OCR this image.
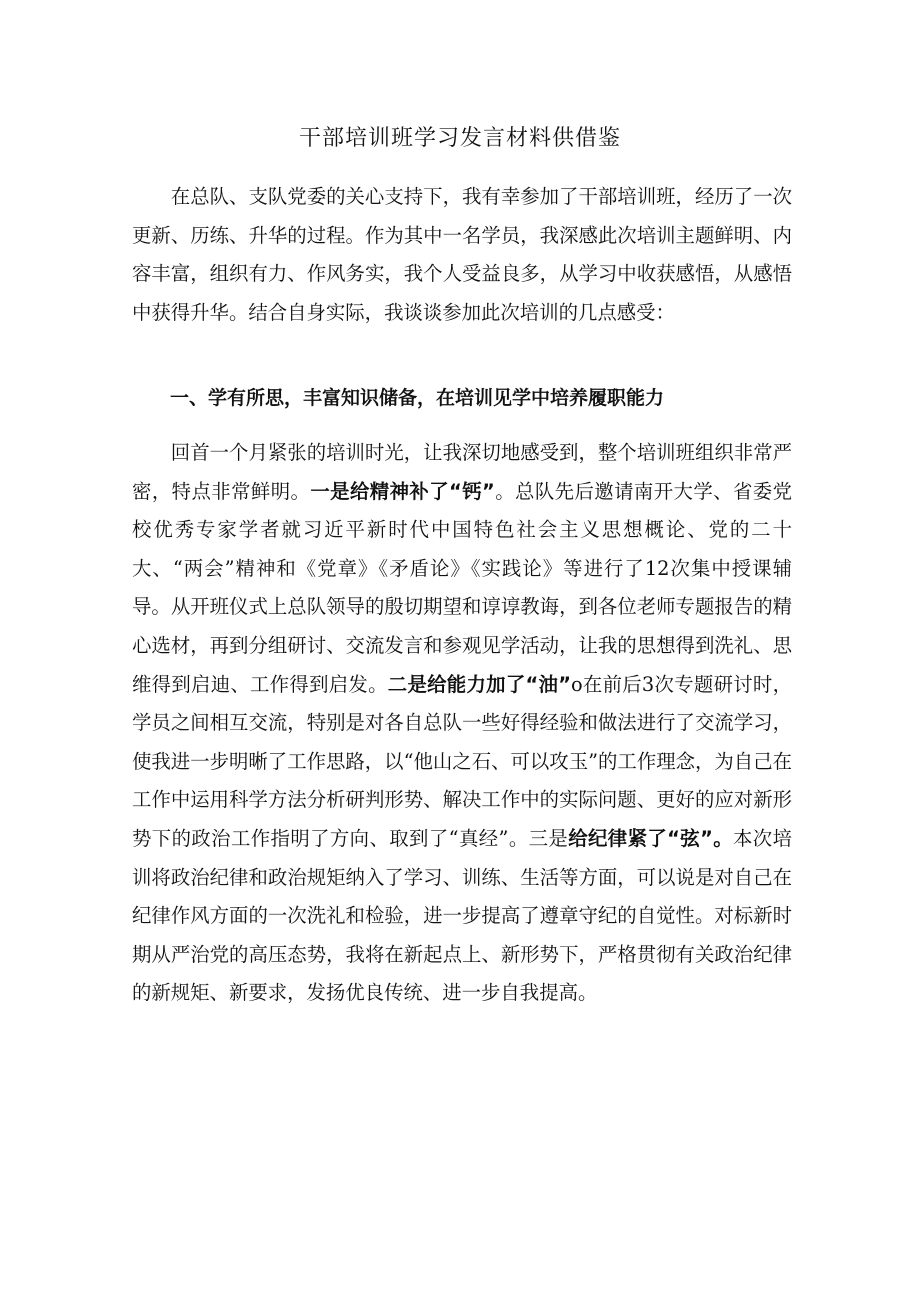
干部培训班学习发言材料供借鉴
在总队、支队党委的关心支持下，我有幸参加了干部培训班，经历了一次更新、历练、升华的过程。作为其中一名学员，我深感此次培训主题鲜明、内容丰富，组织有力、作风务实，我个人受益良多，从学习中收获感悟，从感悟中获得升华。结合自身实际，我谈谈参加此次培训的几点感受：
一、学有所思，丰富知识储备，在培训见学中培养履职能力
回首一个月紧张的培训时光，让我深切地感受到，整个培训班组织非常严密，特点非常鲜明。一是给精神补了“钙”。总队先后邀请南开大学、省委党校优秀专家学者就习近平新时代中国特色社会主义思想概论、党的二十大、“两会”精神和《党章》《矛盾论》《实践论》等进行了12次集中授课辅导。从开班仪式上总队领导的殷切期望和谆谆教诲，到各位老师专题报告的精心选材，再到分组研讨、交流发言和参观见学活动，让我的思想得到洗礼、思维得到启迪、工作得到启发。二是给能力加了“油”o在前后3次专题研讨时，学员之间相互交流，特别是对各自总队一些好得经验和做法进行了交流学习，使我进一步明晰了工作思路，以“他山之石、可以攻玉”的工作理念，为自己在工作中运用科学方法分析研判形势、解决工作中的实际问题、更好的应对新形势下的政治工作指明了方向、取到了“真经”。三是给纪律紧了“弦”。本次培训将政治纪律和政治规矩纳入了学习、训练、生活等方面，可以说是对自己在纪律作风方面的一次洗礼和检验，进一步提高了遵章守纪的自觉性。对标新时期从严治党的高压态势，我将在新起点上、新形势下，严格贯彻有关政治纪律的新规矩、新要求，发扬优良传统、进一步自我提高。
